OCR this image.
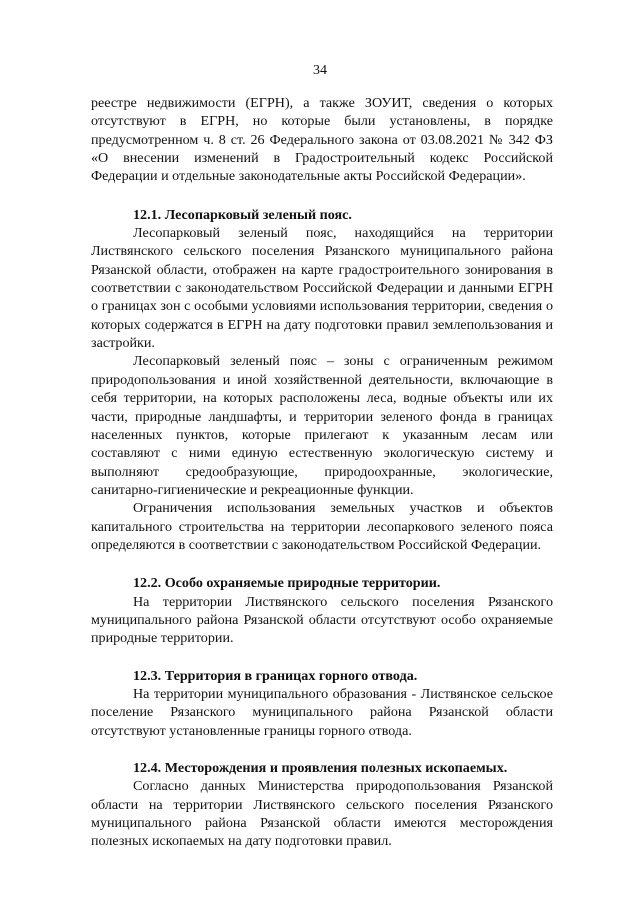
34

реестре недвижимости (ЕГРН), а также ЗОУИТ, сведения о которых отсутствуют в ЕГРН, но которые были установлены, в порядке предусмотренном ч. 8 ст. 26 Федерального закона от 03.08.2021 № 342 ФЗ «О внесении изменений в Градостроительный кодекс Российской Федерации и отдельные законодательные акты Российской Федерации».

12.1. Лесопарковый зеленый пояс.

Лесопарковый зеленый пояс, находящийся на территории Листвянского сельского поселения Рязанского муниципального района Рязанской области, отображен на карте градостроительного зонирования в соответствии с законодательством Российской Федерации и данными ЕГРН о границах зон с особыми условиями использования территории, сведения о которых содержатся в ЕГРН на дату подготовки правил землепользования и застройки.

Лесопарковый зеленый пояс – зоны с ограниченным режимом природопользования и иной хозяйственной деятельности, включающие в себя территории, на которых расположены леса, водные объекты или их части, природные ландшафты, и территории зеленого фонда в границах населенных пунктов, которые прилегают к указанным лесам или составляют с ними единую естественную экологическую систему и выполняют средообразующие, природоохранные, экологические, санитарно-гигиенические и рекреационные функции.

Ограничения использования земельных участков и объектов капитального строительства на территории лесопаркового зеленого пояса определяются в соответствии с законодательством Российской Федерации.

12.2. Особо охраняемые природные территории.

На территории Листвянского сельского поселения Рязанского муниципального района Рязанской области отсутствуют особо охраняемые природные территории.

12.3. Территория в границах горного отвода.

На территории муниципального образования - Листвянское сельское поселение Рязанского муниципального района Рязанской области отсутствуют установленные границы горного отвода.

12.4. Месторождения и проявления полезных ископаемых.

Согласно данных Министерства природопользования Рязанской области на территории Листвянского сельского поселения Рязанского муниципального района Рязанской области имеются месторождения полезных ископаемых на дату подготовки правил.
